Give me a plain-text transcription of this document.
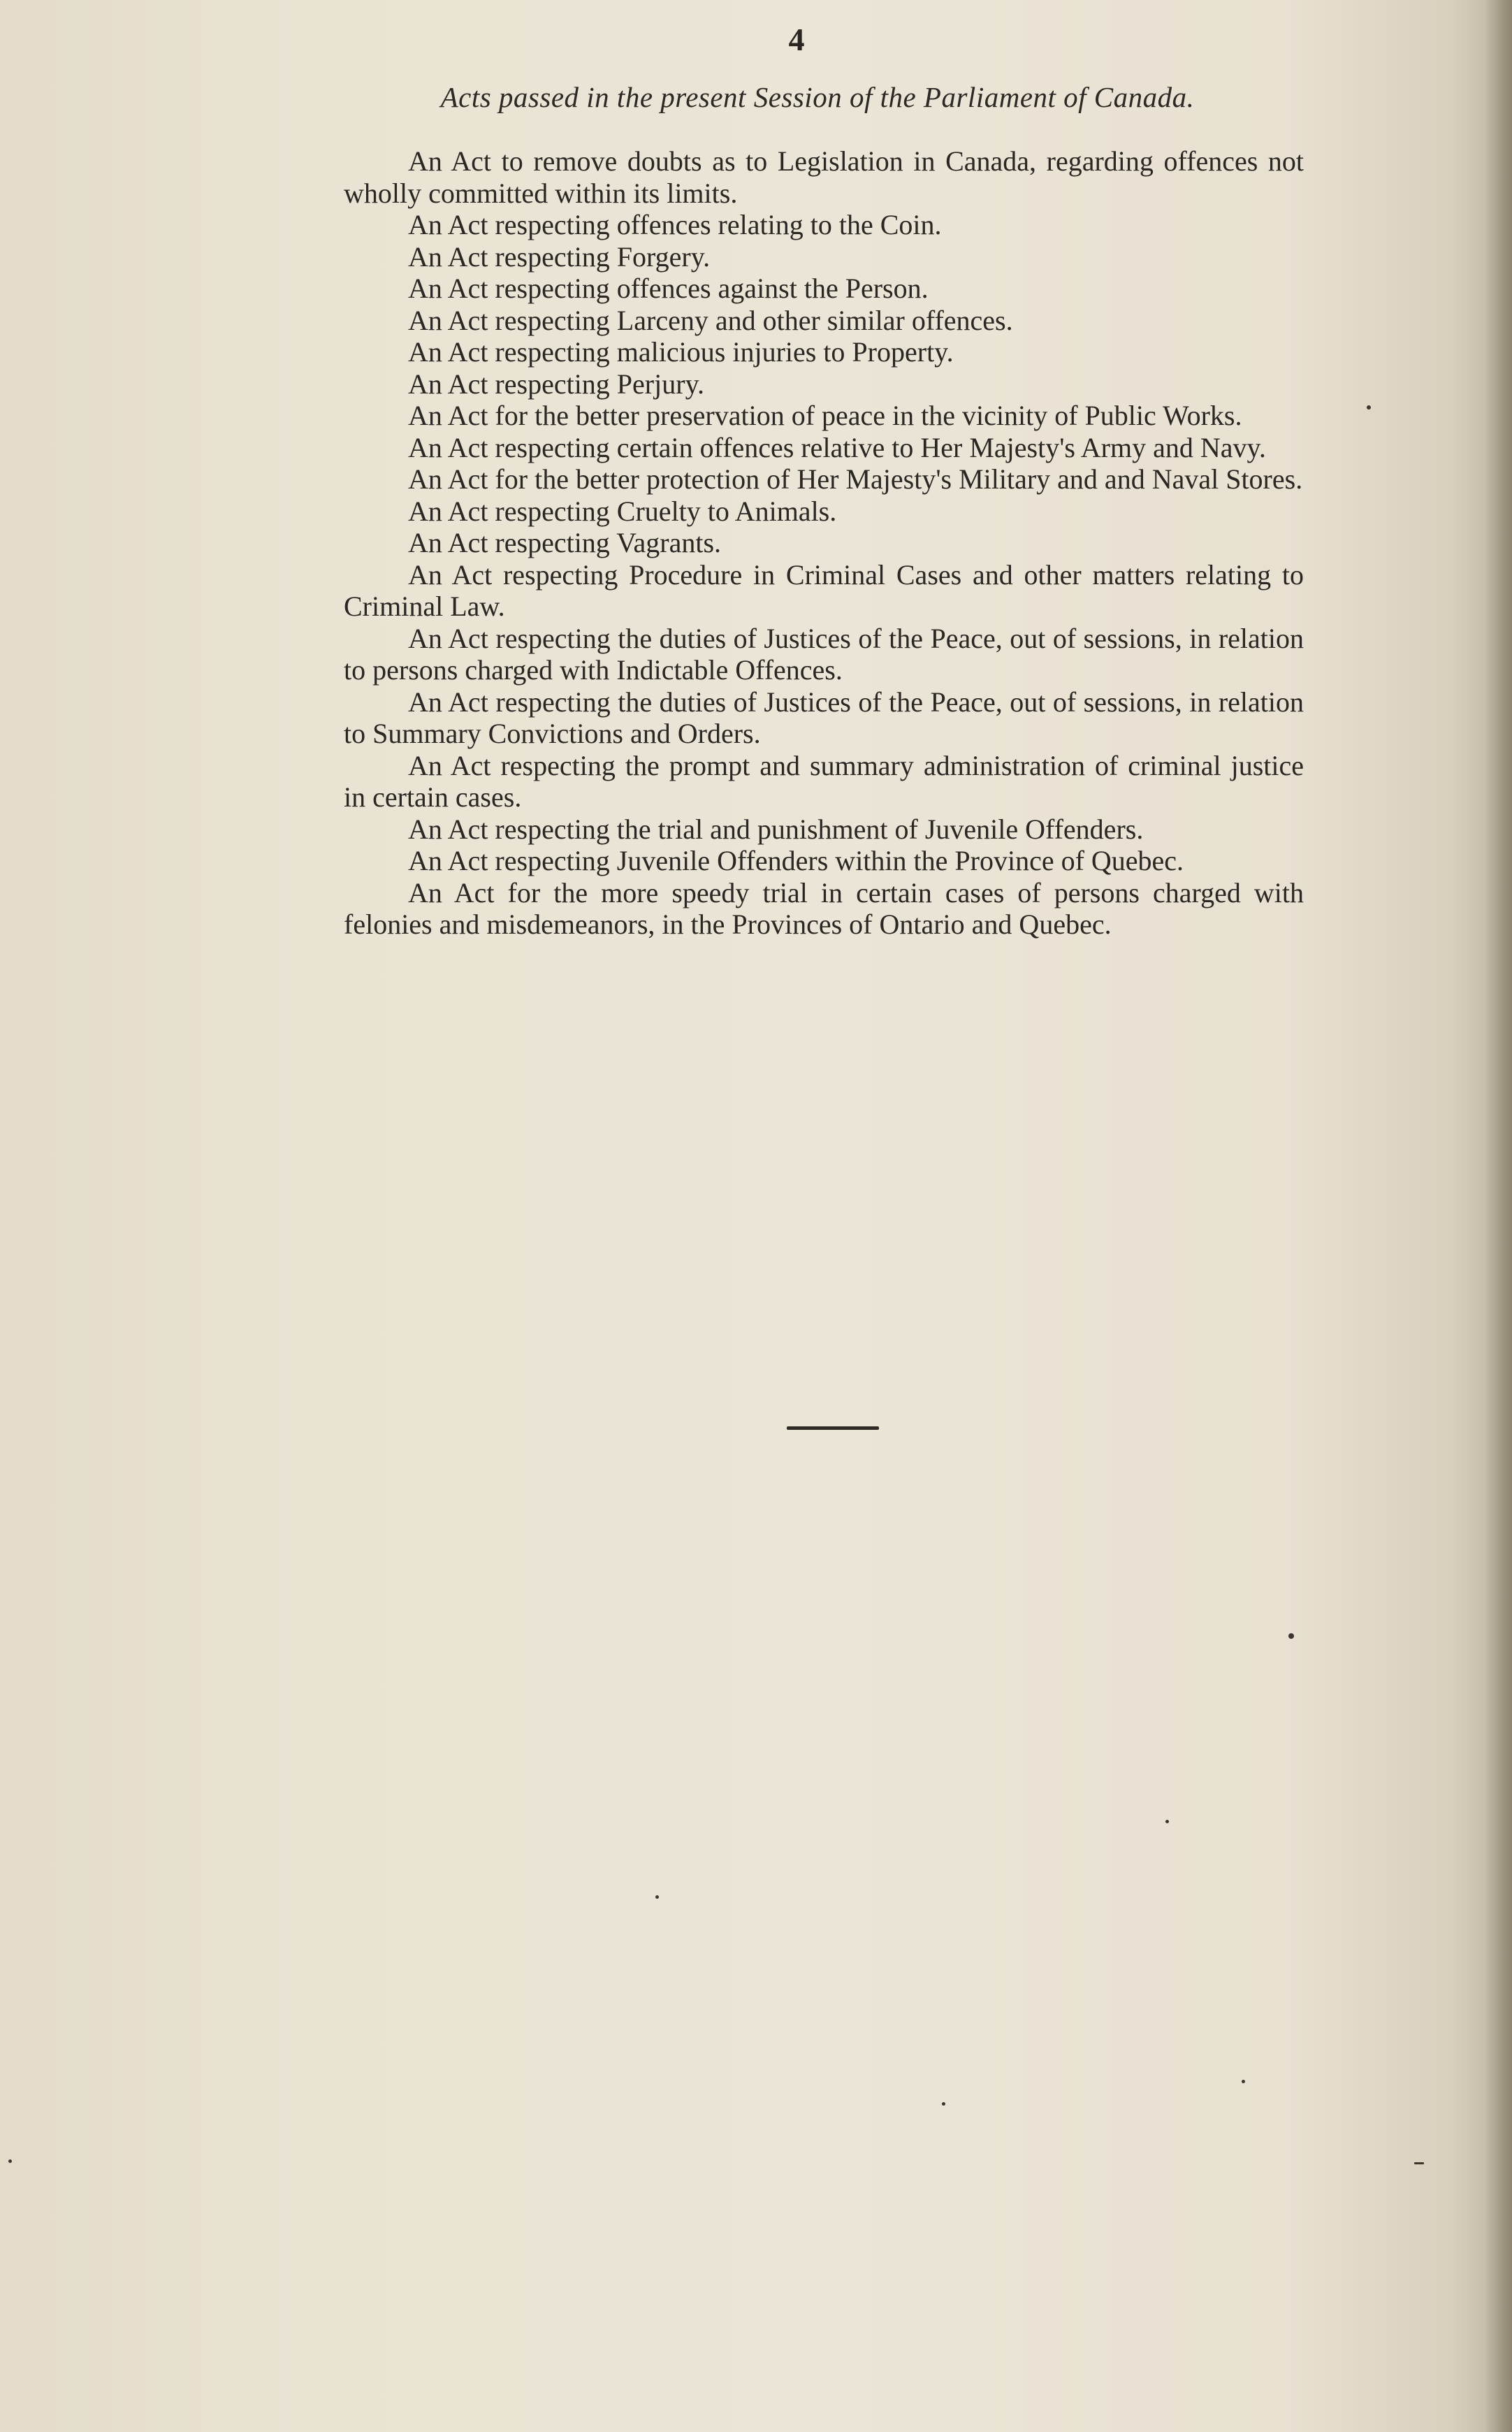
4
Acts passed in the present Session of the Parliament of Canada.

An Act to remove doubts as to Legislation in Canada, regarding offences not wholly committed within its limits.

An Act respecting offences relating to the Coin.

An Act respecting Forgery.

An Act respecting offences against the Person.

An Act respecting Larceny and other similar offences.

An Act respecting malicious injuries to Property.

An Act respecting Perjury.

An Act for the better preservation of peace in the vicinity of Public Works.

An Act respecting certain offences relative to Her Majesty's Army and Navy.

An Act for the better protection of Her Majesty's Military and and Naval Stores.

An Act respecting Cruelty to Animals.

An Act respecting Vagrants.

An Act respecting Procedure in Criminal Cases and other matters relating to Criminal Law.

An Act respecting the duties of Justices of the Peace, out of sessions, in relation to persons charged with Indictable Offences.

An Act respecting the duties of Justices of the Peace, out of sessions, in relation to Summary Convictions and Orders.

An Act respecting the prompt and summary administration of criminal justice in certain cases.

An Act respecting the trial and punishment of Juvenile Offenders.

An Act respecting Juvenile Offenders within the Province of Quebec.

An Act for the more speedy trial in certain cases of persons charged with felonies and misdemeanors, in the Provinces of Ontario and Quebec.
